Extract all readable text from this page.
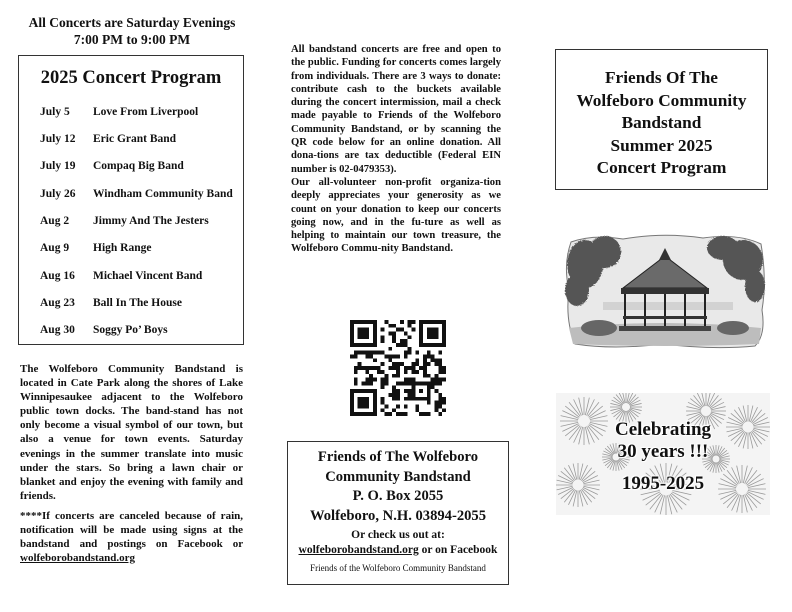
All Concerts are Saturday Evenings
7:00 PM to 9:00 PM
2025 Concert Program
July 5 Love From Liverpool
July 12 Eric Grant Band
July 19 Compaq Big Band
July 26 Windham Community Band
Aug 2 Jimmy And The Jesters
Aug 9 High Range
Aug 16 Michael Vincent Band
Aug 23 Ball In The House
Aug 30 Soggy Po’ Boys
The Wolfeboro Community Bandstand is located in Cate Park along the shores of Lake Winnipesaukee adjacent to the Wolfeboro public town docks. The band-stand has not only become a visual symbol of our town, but also a venue for town events. Saturday evenings in the summer translate into music under the stars. So bring a lawn chair or blanket and enjoy the evening with family and friends.
****If concerts are canceled because of rain, notification will be made using signs at the bandstand and postings on Facebook or wolfeborobandstand.org
All bandstand concerts are free and open to the public. Funding for concerts comes largely from individuals. There are 3 ways to donate: contribute cash to the buckets available during the concert intermission, mail a check made payable to Friends of the Wolfeboro Community Bandstand, or by scanning the QR code below for an online donation. All dona-tions are tax deductible (Federal EIN number is 02-0479353).
Our all-volunteer non-profit organiza-tion deeply appreciates your generosity as we count on your donation to keep our concerts going now, and in the fu-ture as well as helping to maintain our town treasure, the Wolfeboro Commu-nity Bandstand.
Friends of The Wolfeboro
Community Bandstand
P. O. Box 2055
Wolfeboro, N.H. 03894-2055
Or check us out at:
wolfeborobandstand.org or on Facebook
Friends of the Wolfeboro Community Bandstand
Friends Of The
Wolfeboro Community
Bandstand
Summer 2025
Concert Program
Celebrating
30 years !!!
1995-2025
